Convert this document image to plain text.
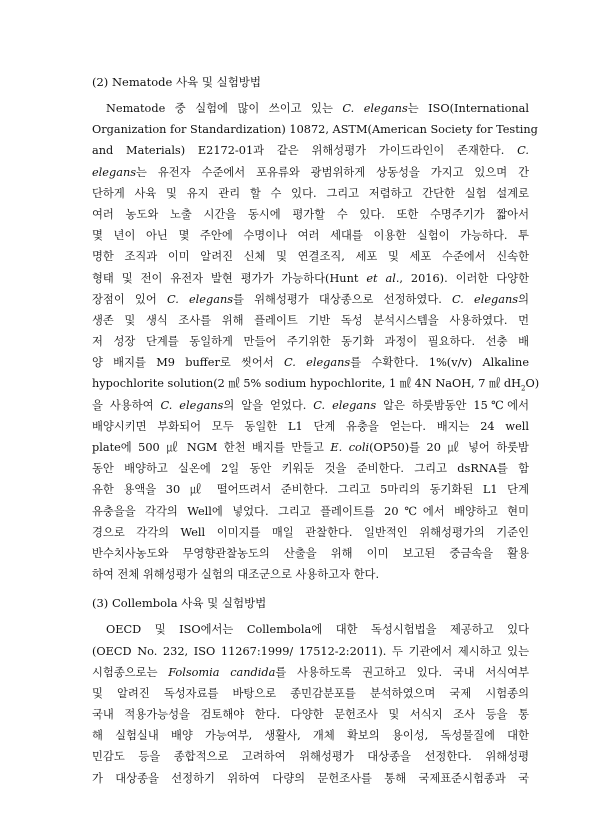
(2) Nematode 사육 및 실험방법
Nematode 중 실험에 많이 쓰이고 있는 C. elegans는 ISO(International
Organization for Standardization) 10872, ASTM(American Society for Testing
and Materials) E2172-01과 같은 위해성평가 가이드라인이 존재한다. C.
elegans는 유전자 수준에서 포유류와 광범위하게 상동성을 가지고 있으며 간
단하게 사육 및 유지 관리 할 수 있다. 그리고 저렴하고 간단한 실험 설계로
여러 농도와 노출 시간을 동시에 평가할 수 있다. 또한 수명주기가 짧아서
몇 년이 아닌 몇 주안에 수명이나 여러 세대를 이용한 실험이 가능하다. 투
명한 조직과 이미 알려진 신체 및 연결조직, 세포 및 세포 수준에서 신속한
형태 및 전이 유전자 발현 평가가 가능하다(Hunt et al., 2016). 이러한 다양한
장점이 있어 C. elegans를 위해성평가 대상종으로 선정하였다. C. elegans의
생존 및 생식 조사를 위해 플레이트 기반 독성 분석시스템을 사용하였다. 먼
저 성장 단계를 동일하게 만들어 주기위한 동기화 과정이 필요하다. 선충 배
양 배지를 M9 buffer로 씻어서 C. elegans를 수확한다. 1%(v/v) Alkaline
hypochlorite solution(2 ㎖ 5% sodium hypochlorite, 1 ㎖ 4N NaOH, 7 ㎖ $dH_2O$)
을 사용하여 C. elegans의 알을 얻었다. C. elegans 알은 하룻밤동안 15℃에서
배양시키면 부화되어 모두 동일한 L1 단계 유충을 얻는다. 배지는 24 well
plate에 500 ㎕ NGM 한천 배지를 만들고 E. coli(OP50)를 20 ㎕ 넣어 하룻밤
동안 배양하고 실온에 2일 동안 키워둔 것을 준비한다. 그리고 dsRNA를 함
유한 용액을 30 ㎕ 떨어뜨려서 준비한다. 그리고 5마리의 동기화된 L1 단계
유충을을 각각의 Well에 넣었다. 그리고 플레이트를 20℃에서 배양하고 현미
경으로 각각의 Well 이미지를 매일 관찰한다. 일반적인 위해성평가의 기준인
반수치사농도와 무영향관찰농도의 산출을 위해 이미 보고된 중금속을 활용
하여 전체 위해성평가 실험의 대조군으로 사용하고자 한다.
(3) Collembola 사육 및 실험방법
OECD 및 ISO에서는 Collembola에 대한 독성시험법을 제공하고 있다
(OECD No. 232, ISO 11267:1999/ 17512-2:2011). 두 기관에서 제시하고 있는
시험종으로는 Folsomia candida를 사용하도록 권고하고 있다. 국내 서식여부
및 알려진 독성자료를 바탕으로 종민감분포를 분석하였으며 국제 시험종의
국내 적용가능성을 검토해야 한다. 다양한 문헌조사 및 서식지 조사 등을 통
해 실험실내 배양 가능여부, 생활사, 개체 확보의 용이성, 독성물질에 대한
민감도 등을 종합적으로 고려하여 위해성평가 대상종을 선정한다. 위해성평
가 대상종을 선정하기 위하여 다량의 문헌조사를 통해 국제표준시험종과 국
